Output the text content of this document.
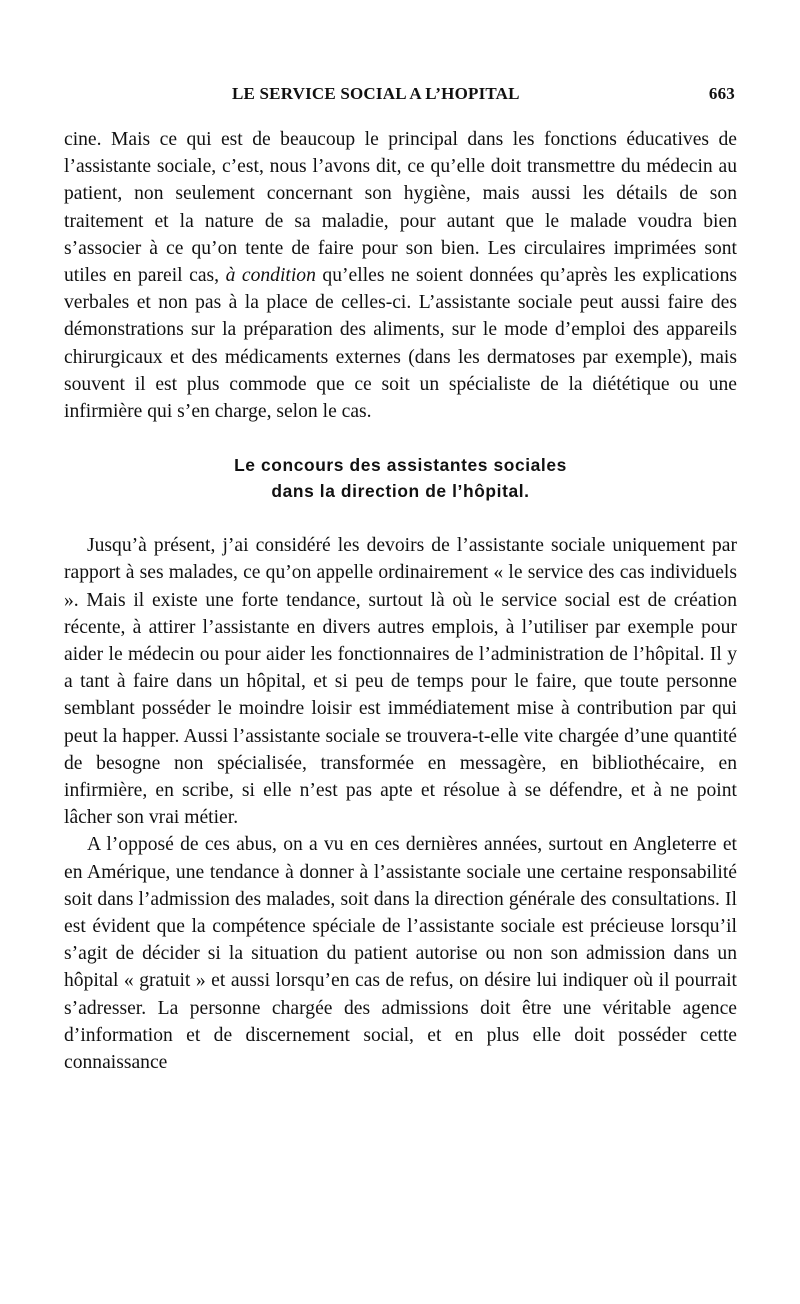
LE SERVICE SOCIAL A L’HOPITAL	663

cine. Mais ce qui est de beaucoup le principal dans les fonctions éducatives de l’assistante sociale, c’est, nous l’avons dit, ce qu’elle doit transmettre du médecin au patient, non seulement concernant son hygiène, mais aussi les détails de son traitement et la nature de sa maladie, pour autant que le malade voudra bien s’associer à ce qu’on tente de faire pour son bien. Les circulaires imprimées sont utiles en pareil cas, à condition qu’elles ne soient données qu’après les explications verbales et non pas à la place de celles-ci. L’assistante sociale peut aussi faire des démonstrations sur la préparation des aliments, sur le mode d’emploi des appareils chirurgicaux et des médicaments externes (dans les dermatoses par exemple), mais souvent il est plus commode que ce soit un spécialiste de la diététique ou une infirmière qui s’en charge, selon le cas.

Le concours des assistantes sociales
dans la direction de l’hôpital.

Jusqu’à présent, j’ai considéré les devoirs de l’assistante sociale uniquement par rapport à ses malades, ce qu’on appelle ordinairement « le service des cas individuels ». Mais il existe une forte tendance, surtout là où le service social est de création récente, à attirer l’assistante en divers autres emplois, à l’utiliser par exemple pour aider le médecin ou pour aider les fonctionnaires de l’administration de l’hôpital. Il y a tant à faire dans un hôpital, et si peu de temps pour le faire, que toute personne semblant posséder le moindre loisir est immédiatement mise à contribution par qui peut la happer. Aussi l’assistante sociale se trouvera-t-elle vite chargée d’une quantité de besogne non spécialisée, transformée en messagère, en bibliothécaire, en infirmière, en scribe, si elle n’est pas apte et résolue à se défendre, et à ne point lâcher son vrai métier.

A l’opposé de ces abus, on a vu en ces dernières années, surtout en Angleterre et en Amérique, une tendance à donner à l’assistante sociale une certaine responsabilité soit dans l’admission des malades, soit dans la direction générale des consultations. Il est évident que la compétence spéciale de l’assistante sociale est précieuse lorsqu’il s’agit de décider si la situation du patient autorise ou non son admission dans un hôpital « gratuit » et aussi lorsqu’en cas de refus, on désire lui indiquer où il pourrait s’adresser. La personne chargée des admissions doit être une véritable agence d’information et de discernement social, et en plus elle doit posséder cette connaissance
